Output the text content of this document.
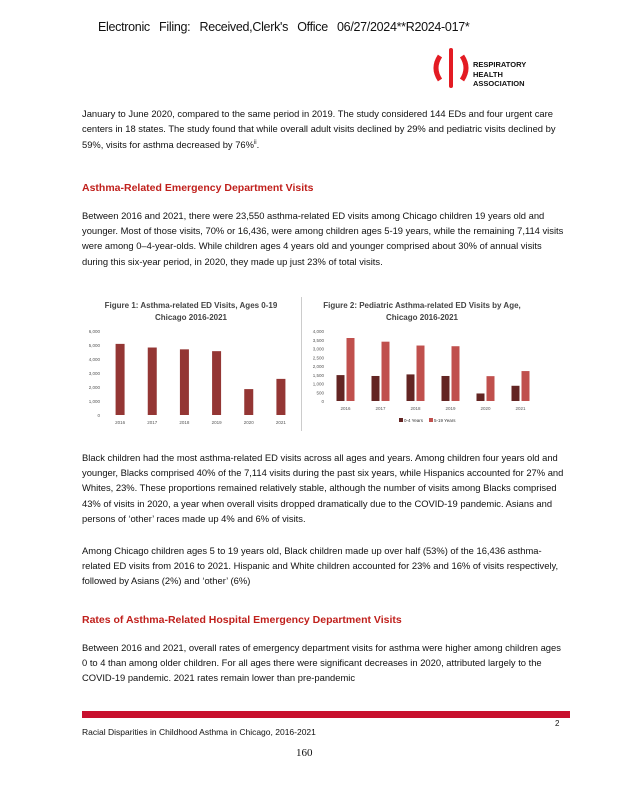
Electronic Filing: Received,Clerk's Office 06/27/2024**R2024-017*
RESPIRATORY
HEALTH
ASSOCIATION
January to June 2020, compared to the same period in 2019. The study considered 144 EDs and four urgent care centers in 18 states. The study found that while overall adult visits declined by 29% and pediatric visits declined by 59%, visits for asthma decreased by 76%$^{ii}$.
Asthma-Related Emergency Department Visits
Between 2016 and 2021, there were 23,550 asthma-related ED visits among Chicago children 19 years old and younger. Most of those visits, 70% or 16,436, were among children ages 5-19 years, while the remaining 7,114 visits were among 0–4-year-olds. While children ages 4 years old and younger comprised about 30% of annual visits during this six-year period, in 2020, they made up just 23% of total visits.
Figure 1: Asthma-related ED Visits, Ages 0-19
Chicago 2016-2021
0
1,000
2,000
3,000
4,000
5,000
6,000
2016	2017	2018	2019	2020	2021
Figure 2: Pediatric Asthma-related ED Visits by Age,
Chicago 2016-2021
0
500
1,000
1,500
2,000
2,500
3,000
3,500
4,000
2016	2017	2018	2019	2020	2021
0-4 Years 5-19 Years
Black children had the most asthma-related ED visits across all ages and years. Among children four years old and younger, Blacks comprised 40% of the 7,114 visits during the past six years, while Hispanics accounted for 27% and Whites, 23%. These proportions remained relatively stable, although the number of visits among Blacks comprised 43% of visits in 2020, a year when overall visits dropped dramatically due to the COVID-19 pandemic. Asians and persons of ‘other’ races made up 4% and 6% of visits.
Among Chicago children ages 5 to 19 years old, Black children made up over half (53%) of the 16,436 asthma-related ED visits from 2016 to 2021. Hispanic and White children accounted for 23% and 16% of visits respectively, followed by Asians (2%) and ‘other’ (6%)
Rates of Asthma-Related Hospital Emergency Department Visits
Between 2016 and 2021, overall rates of emergency department visits for asthma were higher among children ages 0 to 4 than among older children. For all ages there were significant decreases in 2020, attributed largely to the COVID-19 pandemic. 2021 rates remain lower than pre-pandemic
Racial Disparities in Childhood Asthma in Chicago, 2016-2021
2
160
